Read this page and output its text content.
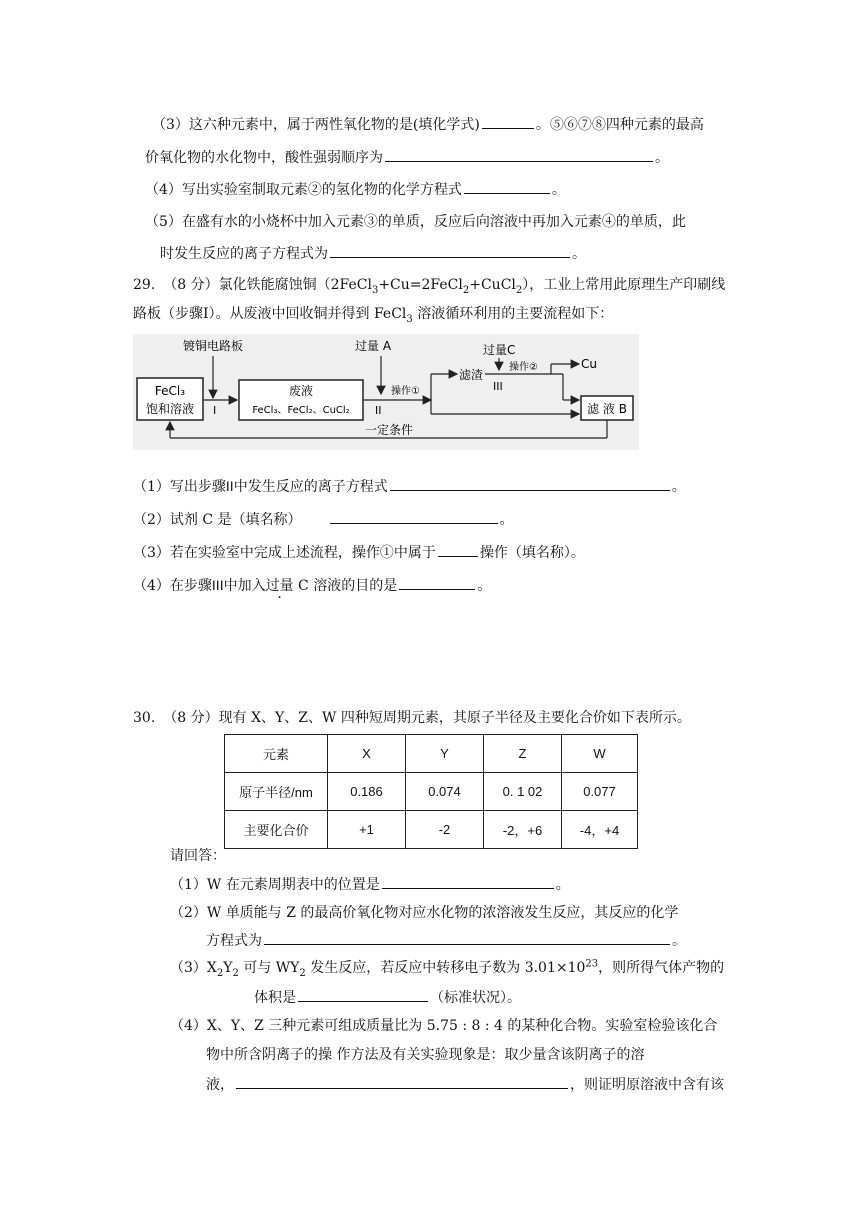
（3）这六种元素中，属于两性氧化物的是(填化学式)	。⑤⑥⑦⑧四种元素的最高
价氧化物的水化物中，酸性强弱顺序为	。
（4）写出实验室制取元素②的氢化物的化学方程式	。
（5）在盛有水的小烧杯中加入元素③的单质，反应后向溶液中再加入元素④的单质，此
时发生反应的离子方程式为	。
29. （8 分）氯化铁能腐蚀铜（2FeCl$_3$+Cu=2FeCl$_2$+CuCl$_2$），工业上常用此原理生产印刷线
路板（步骤Ⅰ）。从废液中回收铜并得到 FeCl$_3$ 溶液循环利用的主要流程如下：
FeCl₃
饱和溶液
镀铜电路板
I
废液
FeCl₃、FeCl₂、CuCl₂
过量 A
II
操作①
滤渣
过量C
III
操作②	Cu
滤 液 B
一定条件
（1）写出步骤II中发生反应的离子方程式	。
（2）试剂 C 是（填名称）	。
（3）若在实验室中完成上述流程，操作①中属于	操作（填名称）。
（4）在步骤III中加入过量 C 溶液的目的是	。
30. （8 分）现有 X、Y、Z、W 四种短周期元素，其原子半径及主要化合价如下表所示。
元素	X	Y	Z	W
原子半径/nm	0.186	0.074	0. 1 02	0.077
主要化合价	+1	-2	-2，+6	-4，+4
请回答：
（1）W 在元素周期表中的位置是	。
（2）W 单质能与 Z 的最高价氧化物对应水化物的浓溶液发生反应，其反应的化学
方程式为	。
$(3)X_2Y_2$ 可与 $WY_2$ 发生反应，若反应中转移电子数为 $3.01\times 10^{23}$，则所得气体产物的
体积是	（标准状况）。
（4）X、Y、Z 三种元素可组成质量比为 5.75 : 8 : 4 的某种化合物。实验室检验该化合
物中所含阴离子的操 作方法及有关实验现象是：取少量含该阴离子的溶
液，	，则证明原溶液中含有该
